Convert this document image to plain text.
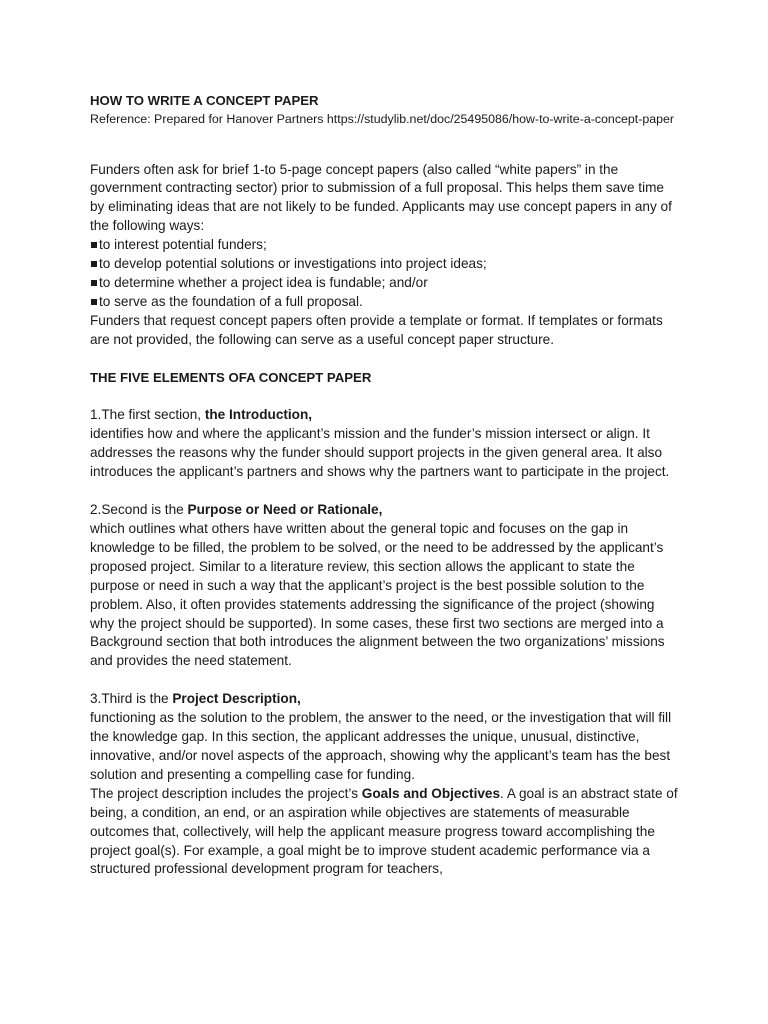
HOW TO WRITE A CONCEPT PAPER

Reference: Prepared for Hanover Partners https://studylib.net/doc/25495086/how-to-write-a-concept-paper

Funders often ask for brief 1-to 5-page concept papers (also called “white papers” in the government contracting sector) prior to submission of a full proposal. This helps them save time by eliminating ideas that are not likely to be funded. Applicants may use concept papers in any of the following ways:

to interest potential funders;
to develop potential solutions or investigations into project ideas;
to determine whether a project idea is fundable; and/or
to serve as the foundation of a full proposal.

Funders that request concept papers often provide a template or format. If templates or formats are not provided, the following can serve as a useful concept paper structure.

THE FIVE ELEMENTS OFA CONCEPT PAPER

1.The first section, the Introduction,

identifies how and where the applicant’s mission and the funder’s mission intersect or align. It addresses the reasons why the funder should support projects in the given general area. It also introduces the applicant’s partners and shows why the partners want to participate in the project.

2.Second is the Purpose or Need or Rationale,

which outlines what others have written about the general topic and focuses on the gap in knowledge to be filled, the problem to be solved, or the need to be addressed by the applicant’s proposed project. Similar to a literature review, this section allows the applicant to state the purpose or need in such a way that the applicant’s project is the best possible solution to the problem. Also, it often provides statements addressing the significance of the project (showing why the project should be supported). In some cases, these first two sections are merged into a Background section that both introduces the alignment between the two organizations’ missions and provides the need statement.

3.Third is the Project Description,

functioning as the solution to the problem, the answer to the need, or the investigation that will fill the knowledge gap. In this section, the applicant addresses the unique, unusual, distinctive, innovative, and/or novel aspects of the approach, showing why the applicant’s team has the best solution and presenting a compelling case for funding.

The project description includes the project’s Goals and Objectives. A goal is an abstract state of being, a condition, an end, or an aspiration while objectives are statements of measurable outcomes that, collectively, will help the applicant measure progress toward accomplishing the project goal(s). For example, a goal might be to improve student academic performance via a structured professional development program for teachers,
